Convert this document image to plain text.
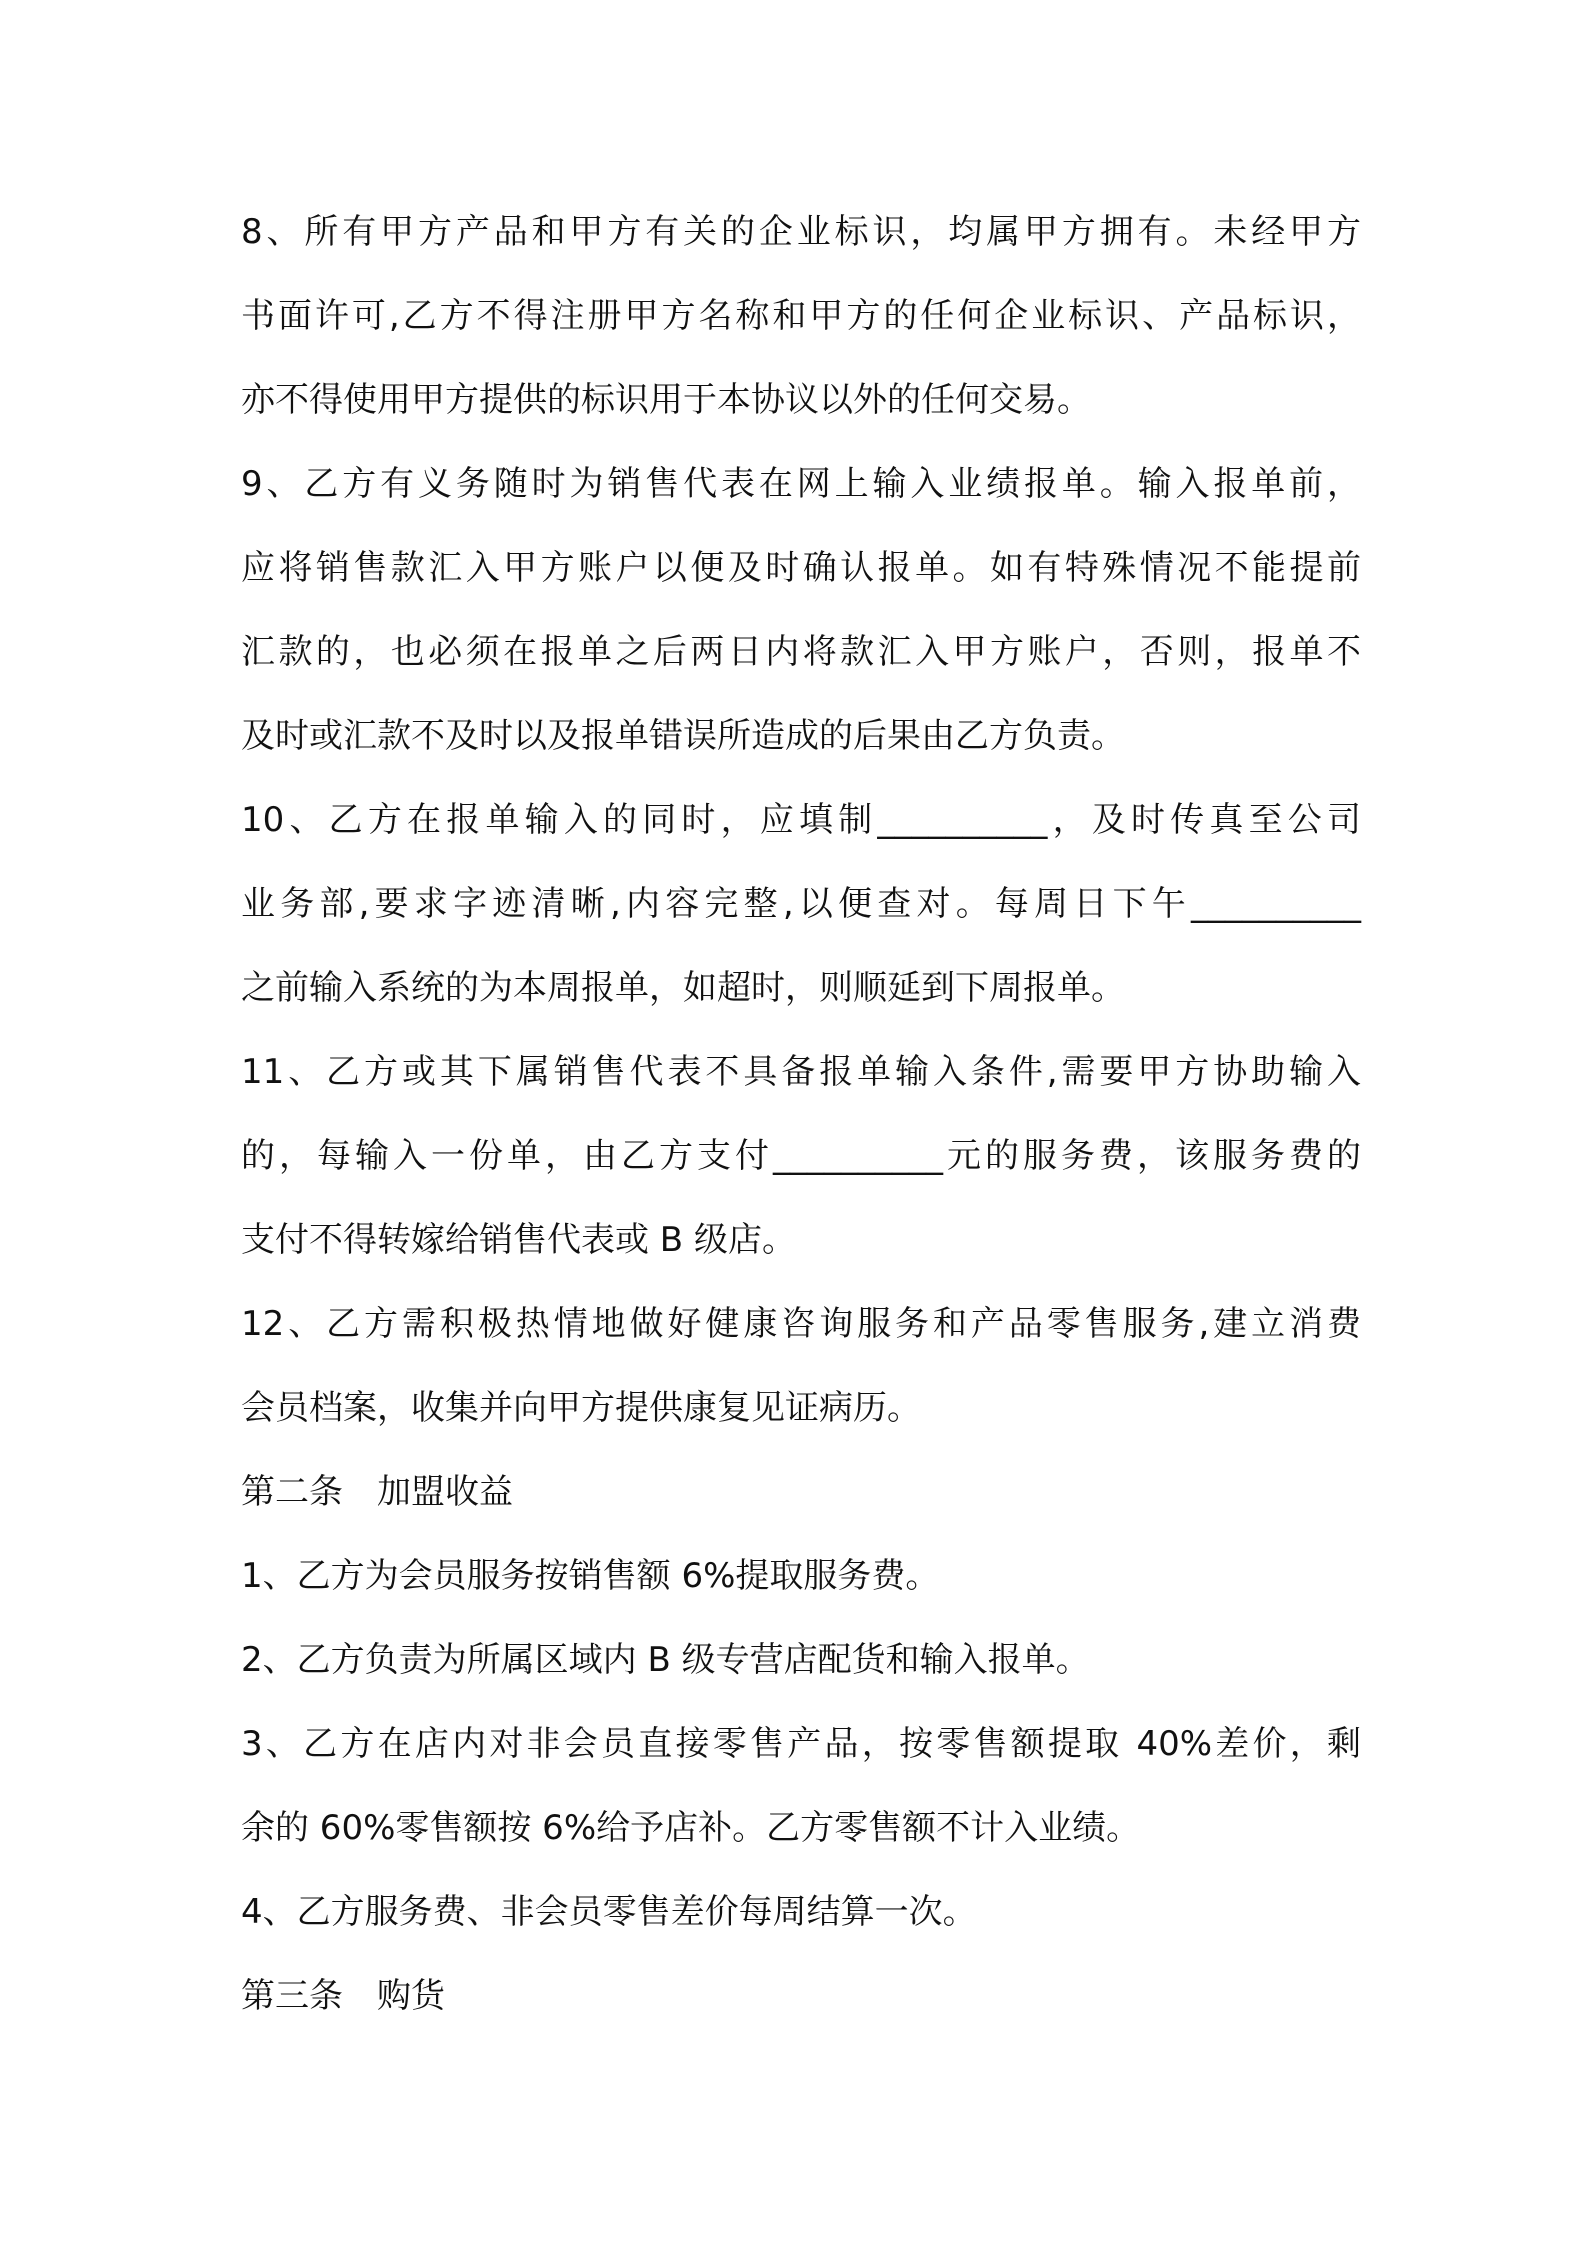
8、所有甲方产品和甲方有关的企业标识，均属甲方拥有。未经甲方
书面许可,乙方不得注册甲方名称和甲方的任何企业标识、产品标识，
亦不得使用甲方提供的标识用于本协议以外的任何交易。
9、乙方有义务随时为销售代表在网上输入业绩报单。输入报单前，
应将销售款汇入甲方账户以便及时确认报单。如有特殊情况不能提前
汇款的，也必须在报单之后两日内将款汇入甲方账户，否则，报单不
及时或汇款不及时以及报单错误所造成的后果由乙方负责。
10、乙方在报单输入的同时，应填制__________，及时传真至公司
业务部,要求字迹清晰,内容完整,以便查对。每周日下午__________
之前输入系统的为本周报单，如超时，则顺延到下周报单。
11、乙方或其下属销售代表不具备报单输入条件,需要甲方协助输入
的，每输入一份单，由乙方支付__________元的服务费，该服务费的
支付不得转嫁给销售代表或 B 级店。
12、乙方需积极热情地做好健康咨询服务和产品零售服务,建立消费
会员档案，收集并向甲方提供康复见证病历。
第二条　加盟收益
1、乙方为会员服务按销售额 6%提取服务费。
2、乙方负责为所属区域内 B 级专营店配货和输入报单。
3、乙方在店内对非会员直接零售产品，按零售额提取 40%差价，剩
余的 60%零售额按 6%给予店补。乙方零售额不计入业绩。
4、乙方服务费、非会员零售差价每周结算一次。
第三条　购货
